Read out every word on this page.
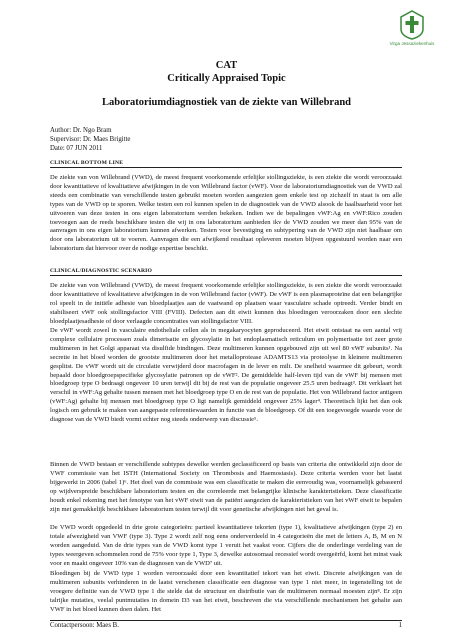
Virga Jessaziekenhuis
CAT
Critically Appraised Topic
Laboratoriumdiagnostiek van de ziekte van Willebrand
Author: Dr. Ngo Bram
Supervisor: Dr. Maes Brigitte
Date: 07 JUN 2011
CLINICAL BOTTOM LINE

De ziekte van von Willebrand (VWD), de meest frequent voorkomende erfelijke stollingsziekte, is een ziekte die wordt veroorzaakt door kwantitatieve of kwalitatieve afwijkingen in de von Willebrand factor (vWF). Voor de laboratoriumdiagnostiek van de VWD zal steeds een combinatie van verschillende testen gebruikt moeten worden aangezien geen enkele test op zichzelf in staat is om alle types van de VWD op te sporen. Welke testen een rol kunnen spelen in de diagnostiek van de VWD alsook de haalbaarheid voor het uitvoeren van deze testen in ons eigen laboratorium werden bekeken. Indien we de bepalingen vWF:Ag en vWF:Rico zouden toevoegen aan de reeds beschikbare testen die wij in ons laboratorium aanbieden ikv de VWD zouden we meer dan 95% van de aanvragen in ons eigen laboratorium kunnen afwerken. Testen voor bevestiging en subtypering van de VWD zijn niet haalbaar om door ons laboratorium uit te voeren. Aanvragen die een afwijkend resultaat opleveren moeten blijven opgestuurd worden naar een laboratorium dat hiervoor over de nodige expertise beschikt.

CLINICAL/DIAGNOSTIC SCENARIO

De ziekte van von Willebrand (VWD), de meest frequent voorkomende erfelijke stollingsziekte, is een ziekte die wordt veroorzaakt door kwantitatieve of kwalitatieve afwijkingen in de von Willebrand factor (vWF). De vWF is een plasmaproteïne dat een belangrijke rol speelt in de initiële adhesie van bloedplaatjes aan de vaatwand op plaatsen waar vasculaire schade optreedt. Verder bindt en stabiliseert vWF ook stollingsfactor VIII (FVIII). Defecten aan dit eiwit kunnen dus bloedingen veroorzaken door een slechte bloedplaatjesadhesie of door verlaagde concentraties van stollingsfactor VIII.

De vWF wordt zowel in vasculaire endotheliale cellen als in megakaryocyten geproduceerd. Het eiwit ontstaat na een aantal vrij complexe cellulaire processen zoals dimerisatie en glycosylatie in het endoplasmatisch reticulum en polymerisatie tot zeer grote multimeren in het Golgi apparaat via disulfide bindingen. Deze multimeren kunnen opgebouwd zijn uit wel 80 vWF subunits¹. Na secretie in het bloed worden de grootste multimeren door het metalloprotease ADAMTS13 via proteolyse in kleinere multimeren gesplitst. De vWF wordt uit de circulatie verwijderd door macrofagen in de lever en milt. De snelheid waarmee dit gebeurt, wordt bepaald door bloedgroepspecifieke glycosylatie patronen op de vWF². De gemiddelde half-leven tijd van de vWF bij mensen met bloedgroep type O bedraagt ongeveer 10 uren terwijl dit bij de rest van de populatie ongeveer 25.5 uren bedraagt³. Dit verklaart het verschil in vWF:Ag gehalte tussen mensen met het bloedgroep type O en de rest van de populatie. Het von Willebrand factor antigeen (vWF:Ag) gehalte bij mensen met bloedgroep type O ligt namelijk gemiddeld ongeveer 25% lager⁴. Theoretisch lijkt het dan ook logisch om gebruik te maken van aangepaste referentiewaarden in functie van de bloedgroep. Of dit een toegevoegde waarde voor de diagnose van de VWD biedt vormt echter nog steeds onderwerp van discussie⁵.

Binnen de VWD bestaan er verschillende subtypes dewelke werden geclassificeerd op basis van criteria die ontwikkeld zijn door de VWF commissie van het ISTH (International Society on Thrombosis and Haemostasis). Deze criteria werden voor het laatst bijgewerkt in 2006 (tabel 1)⁶. Het doel van de commissie was een classificatie te maken die eenvoudig was, voornamelijk gebaseerd op wijdverspreide beschikbare laboratorium testen en die correleerde met belangrijke klinische karakteristieken. Deze classificatie houdt enkel rekening met het fenotype van het vWF eiwit van de patiënt aangezien de karakteristieken van het vWF eiwit te bepalen zijn met gemakkelijk beschikbare laboratorium testen terwijl dit voor genetische afwijkingen niet het geval is.

De VWD wordt opgedeeld in drie grote categorieën: partieel kwantitatieve tekorten (type 1), kwalitatieve afwijkingen (type 2) en totale afwezigheid van VWF (type 3). Type 2 wordt zelf nog eens onderverdeeld in 4 categorieën die met de letters A, B, M en N worden aangeduid. Van de drie types van de VWD komt type 1 veruit het vaakst voor. Cijfers die de onderlinge verdeling van de types weergeven schommelen rond de 75% voor type 1, Type 3, dewelke autosomaal recessief wordt overgeërfd, komt het minst vaak voor en maakt ongeveer 10% van de diagnosen van de VWD⁷ uit.

Bloedingen bij de VWD type 1 worden veroorzaakt door een kwantitatief tekort van het eiwit. Discrete afwijkingen van de multimeren subunits verhinderen in de laatst verschenen classificatie een diagnose van type 1 niet meer, in tegenstelling tot de vroegere definitie van de VWD type 1 die stelde dat de structuur en distributie van de multimeren normaal moesten zijn⁸. Er zijn talrijke mutaties, veelal puntmutaties in domein D3 van het eiwit, beschreven die via verschillende mechanismen het gehalte aan VWF in het bloed kunnen doen dalen. Het

Contactpersoon: Maes B.	1
